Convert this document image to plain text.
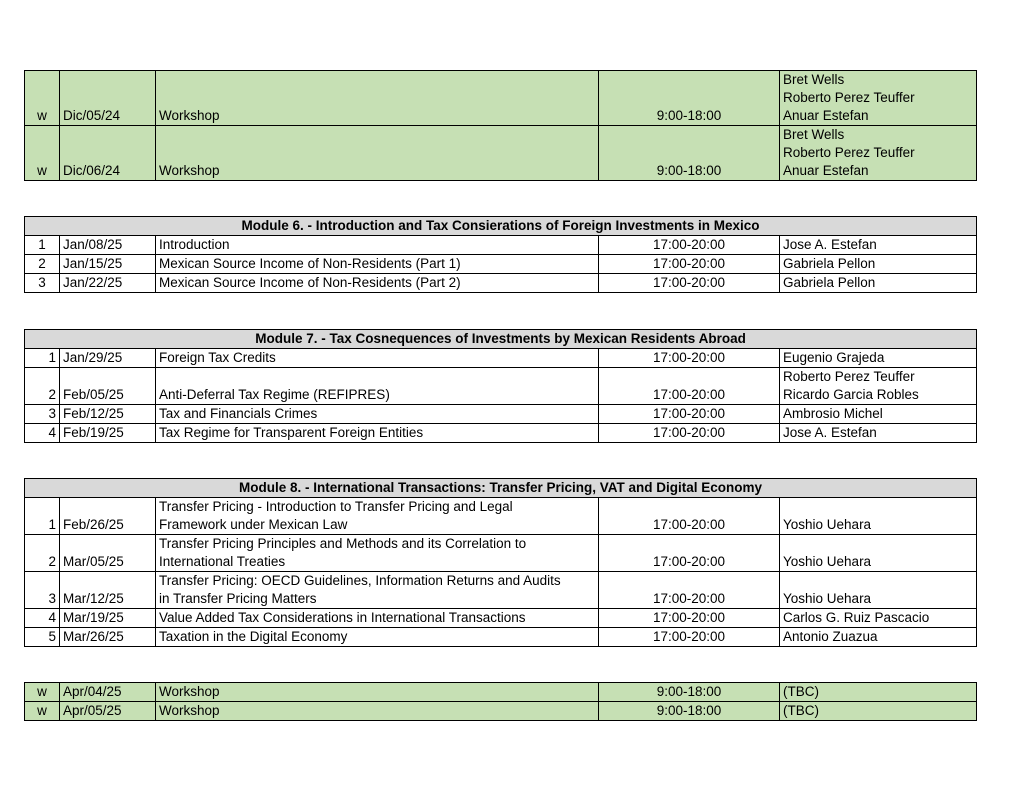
w	Dic/05/24	Workshop	9:00-18:00	Bret Wells
Roberto Perez Teuffer
Anuar Estefan

w	Dic/06/24	Workshop	9:00-18:00	Bret Wells
Roberto Perez Teuffer
Anuar Estefan
Module 6. - Introduction and Tax Consierations of Foreign Investments in Mexico				
1	Jan/08/25	Introduction	17:00-20:00	Jose A. Estefan
2	Jan/15/25	Mexican Source Income of Non-Residents (Part 1)	17:00-20:00	Gabriela Pellon
3	Jan/22/25	Mexican Source Income of Non-Residents (Part 2)	17:00-20:00	Gabriela Pellon
Module 7. - Tax Cosnequences of Investments by Mexican Residents Abroad				
1	Jan/29/25	Foreign Tax Credits	17:00-20:00	Eugenio Grajeda
2	Feb/05/25	Anti-Deferral Tax Regime (REFIPRES)	17:00-20:00	Roberto Perez Teuffer
Ricardo Garcia Robles

3	Feb/12/25	Tax and Financials Crimes	17:00-20:00	Ambrosio Michel
4	Feb/19/25	Tax Regime for Transparent Foreign Entities	17:00-20:00	Jose A. Estefan
Module 8. - International Transactions: Transfer Pricing, VAT and Digital Economy				
1	Feb/26/25	Transfer Pricing - Introduction to Transfer Pricing and Legal
Framework under Mexican Law	17:00-20:00	Yoshio Uehara
2	Mar/05/25	Transfer Pricing Principles and Methods and its Correlation to
International Treaties	17:00-20:00	Yoshio Uehara
3	Mar/12/25	Transfer Pricing: OECD Guidelines, Information Returns and Audits
in Transfer Pricing Matters	17:00-20:00	Yoshio Uehara
4	Mar/19/25	Value Added Tax Considerations in International Transactions	17:00-20:00	Carlos G. Ruiz Pascacio
5	Mar/26/25	Taxation in the Digital Economy	17:00-20:00	Antonio Zuazua
w	Apr/04/25	Workshop	9:00-18:00	(TBC)
w	Apr/05/25	Workshop	9:00-18:00	(TBC)
